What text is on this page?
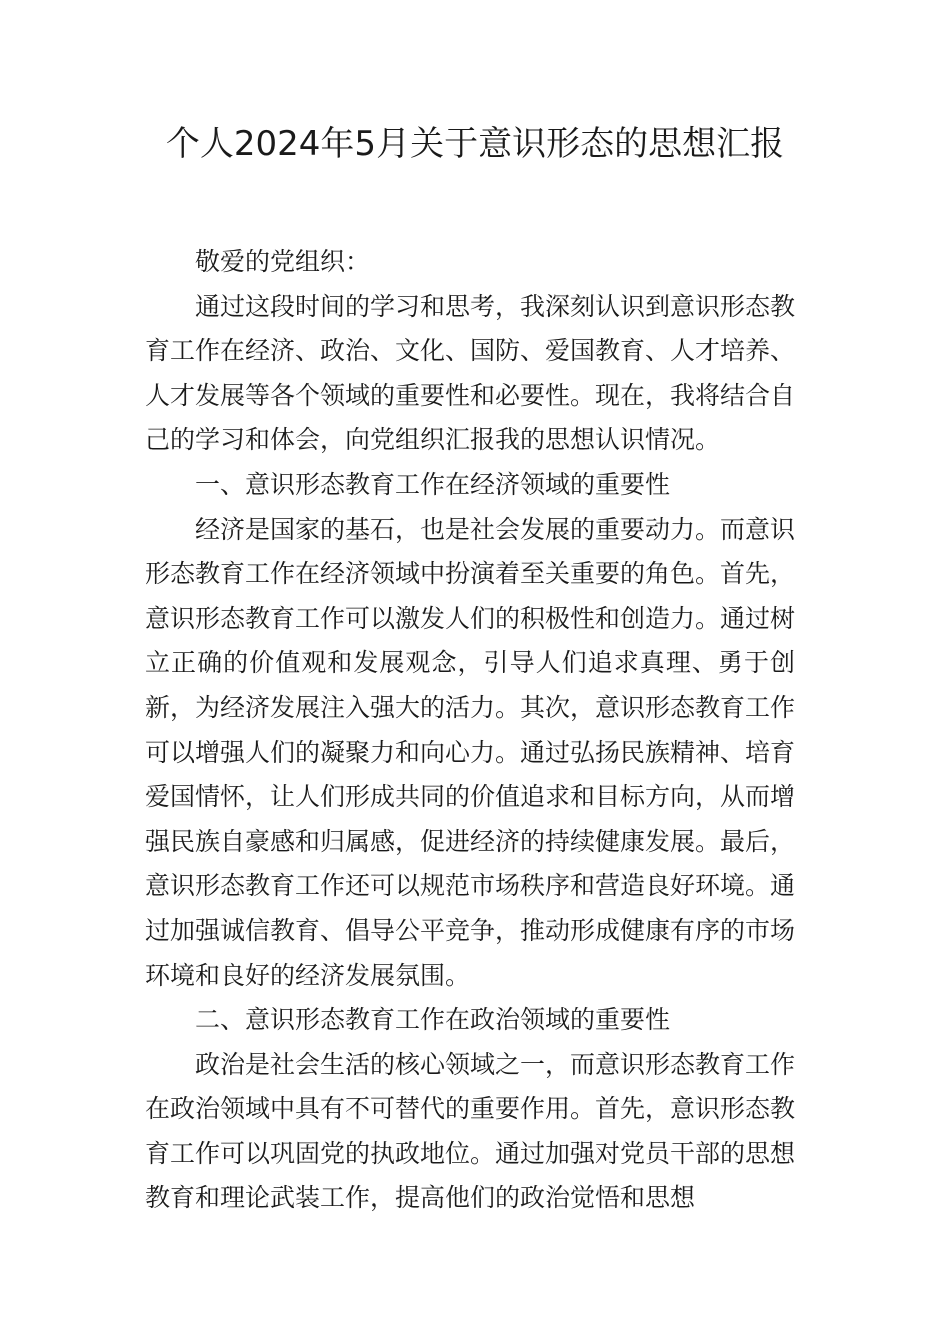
个人2024年5月关于意识形态的思想汇报

敬爱的党组织：

通过这段时间的学习和思考，我深刻认识到意识形态教育工作在经济、政治、文化、国防、爱国教育、人才培养、人才发展等各个领域的重要性和必要性。现在，我将结合自己的学习和体会，向党组织汇报我的思想认识情况。

一、意识形态教育工作在经济领域的重要性

经济是国家的基石，也是社会发展的重要动力。而意识形态教育工作在经济领域中扮演着至关重要的角色。首先，意识形态教育工作可以激发人们的积极性和创造力。通过树立正确的价值观和发展观念，引导人们追求真理、勇于创新，为经济发展注入强大的活力。其次，意识形态教育工作可以增强人们的凝聚力和向心力。通过弘扬民族精神、培育爱国情怀，让人们形成共同的价值追求和目标方向，从而增强民族自豪感和归属感，促进经济的持续健康发展。最后，意识形态教育工作还可以规范市场秩序和营造良好环境。通过加强诚信教育、倡导公平竞争，推动形成健康有序的市场环境和良好的经济发展氛围。

二、意识形态教育工作在政治领域的重要性

政治是社会生活的核心领域之一，而意识形态教育工作在政治领域中具有不可替代的重要作用。首先，意识形态教育工作可以巩固党的执政地位。通过加强对党员干部的思想教育和理论武装工作，提高他们的政治觉悟和思想
